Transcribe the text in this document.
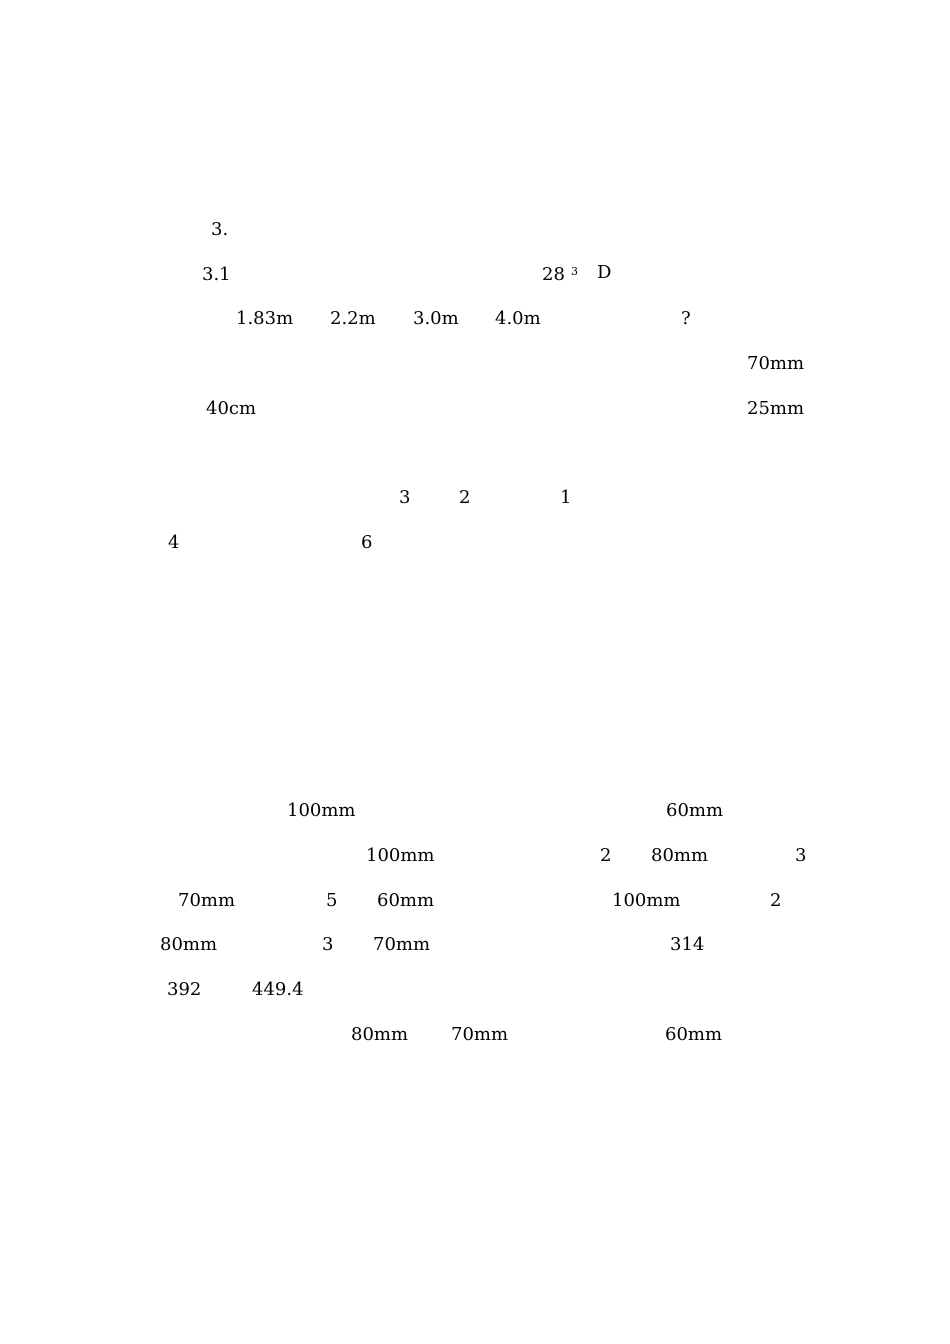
3.
3.1	28 3 D
1.83m 2.2m 3.0m 4.0m	?
70mm
40cm	25mm
3	2	1
4	6
100mm	60mm
100mm	2 80mm	3
70mm	5 60mm	100mm	2
80mm	3 70mm	314
392	449.4
80mm 70mm	60mm
